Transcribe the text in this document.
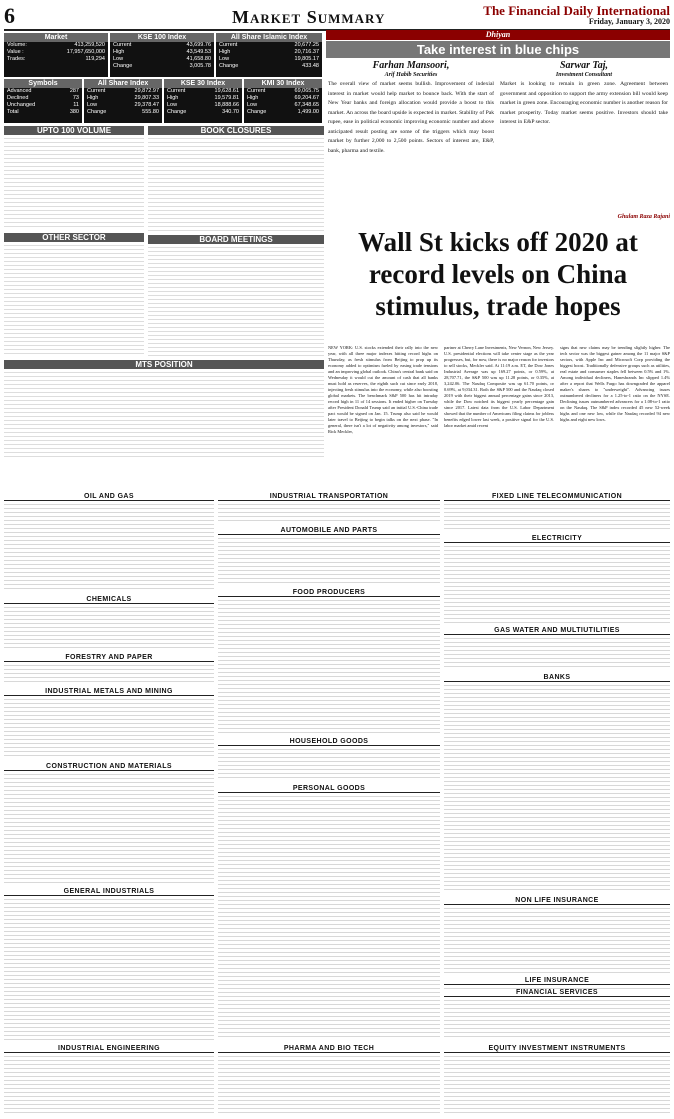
6	Market Summary	The Financial Daily International
Friday, January 3, 2020
Market
Volume:	413,259,520
Value :	17,957,650,000
Trades:	119,294
KSE 100 Index
Current	43,699.76
High	43,549.53
Low	41,658.80
Change	3,005.78
All Share Islamic Index
Current	20,677.25
High	20,716.37
Low	19,805.17
Change	433.48
Symbols
Advanced	287
Declined	73
Unchanged	11
Total	380
All Share Index
Current	29,872.97
High	29,807.33
Low	29,378.47
Change	555.80
KSE 30 Index
Current	19,628.61
High	19,579.81
Low	18,888.66
Change	340.70
KMI 30 Index
Current	69,065.75
High	69,204.67
Low	67,348.65
Change	1,499.00
UPTO 100 VOLUME
OTHER SECTOR
MTS POSITION
BOOK CLOSURES
BOARD MEETINGS
Dhiyan
Take interest in blue chips
Farhan Mansoori,
Arif Habib Securities
The overall view of market seems bullish. Improvement of indexial interest in market would help market to bounce back. With the start of New Year banks and foreign allocation would provide a boost to this market. An across the board upside is expected in market. Stability of Pak rupee, ease in political economic improving economic number and above anticipated result posting are some of the triggers which may boost market by further 2,000 to 2,500 points. Sectors of interest are, E&P, bank, pharma and textile.
Sarwar Taj,
Investment Consultant
Market is looking to remain in green zone. Agreement between government and opposition to support the army extension bill would keep market in green zone. Encouraging economic number is another reason for market prosperity. Today market seems positive. Investors should take interest in E&P sector.
Ghulam Raza Rajani
Wall St kicks off 2020 at record levels on China stimulus, trade hopes
NEW YORK: U.S. stocks extended their rally into the new year, with all three major indexes hitting record highs on Thursday, as fresh stimulus from Beijing to prop up its economy added to optimism fueled by easing trade tensions and an improving global outlook. China's central bank said on Wednesday it would cut the amount of cash that all banks must hold as reserves, the eighth such cut since early 2018, injecting fresh stimulus into the economy, while also boosting global markets. The benchmark S&P 500 has hit intraday record high in 11 of 14 sessions. It ended higher on Tuesday after President Donald Trump said an initial U.S.-China trade pact would be signed on Jan. 15. Trump also said he would later travel to Beijing to begin talks on the next phase. "In general, there isn't a lot of negativity among investors," said Rick Meckler,
partner at Cherry Lane Investments, New Vernon, New Jersey. U.S. presidential elections will take center stage as the year progresses, but, for now, there is no major reason for investors to sell stocks, Meckler said. At 11:19 a.m. ET, the Dow Jones Industrial Average was up 169.27 points, or 0.59%, at 28,707.71, the S&P 500 was up 11.28 points, or 0.35%, at 3,242.06. The Nasdaq Composite was up 61.70 points, or 0.69%, at 9,034.31. Both the S&P 500 and the Nasdaq closed 2019 with their biggest annual percentage gains since 2013, while the Dow notched its biggest yearly percentage gain since 2017. Latest data from the U.S. Labor Department showed that the number of Americans filing claims for jobless benefits edged lower last week, a positive signal for the U.S. labor market amid recent
signs that new claims may be trending slightly higher. The tech sector was the biggest gainer among the 11 major S&P sectors, with Apple Inc and Microsoft Corp providing the biggest boost. Traditionally defensive groups such as utilities, real estate and consumer staples fell between 0.5% and 1%. Among individual decliners, Hanesbrands Inc slipped 1.4% after a report that Wells Fargo has downgraded the apparel maker's shares to "underweight". Advancing issues outnumbered decliners for a 1.25-to-1 ratio on the NYSE. Declining issues outnumbered advancers for a 1.08-to-1 ratio on the Nasdaq. The S&P index recorded 45 new 52-week highs and one new low, while the Nasdaq recorded 94 new highs and eight new lows.
OIL AND GAS
CHEMICALS
FORESTRY AND PAPER
INDUSTRIAL METALS AND MINING
CONSTRUCTION AND MATERIALS
GENERAL INDUSTRIALS
INDUSTRIAL ENGINEERING
INDUSTRIAL TRANSPORTATION
AUTOMOBILE AND PARTS
FOOD PRODUCERS
HOUSEHOLD GOODS
PERSONAL GOODS
PHARMA AND BIO TECH
FIXED LINE TELECOMMUNICATION
ELECTRICITY
GAS WATER AND MULTIUTILITIES
BANKS
NON LIFE INSURANCE
LIFE INSURANCE
FINANCIAL SERVICES
EQUITY INVESTMENT INSTRUMENTS
